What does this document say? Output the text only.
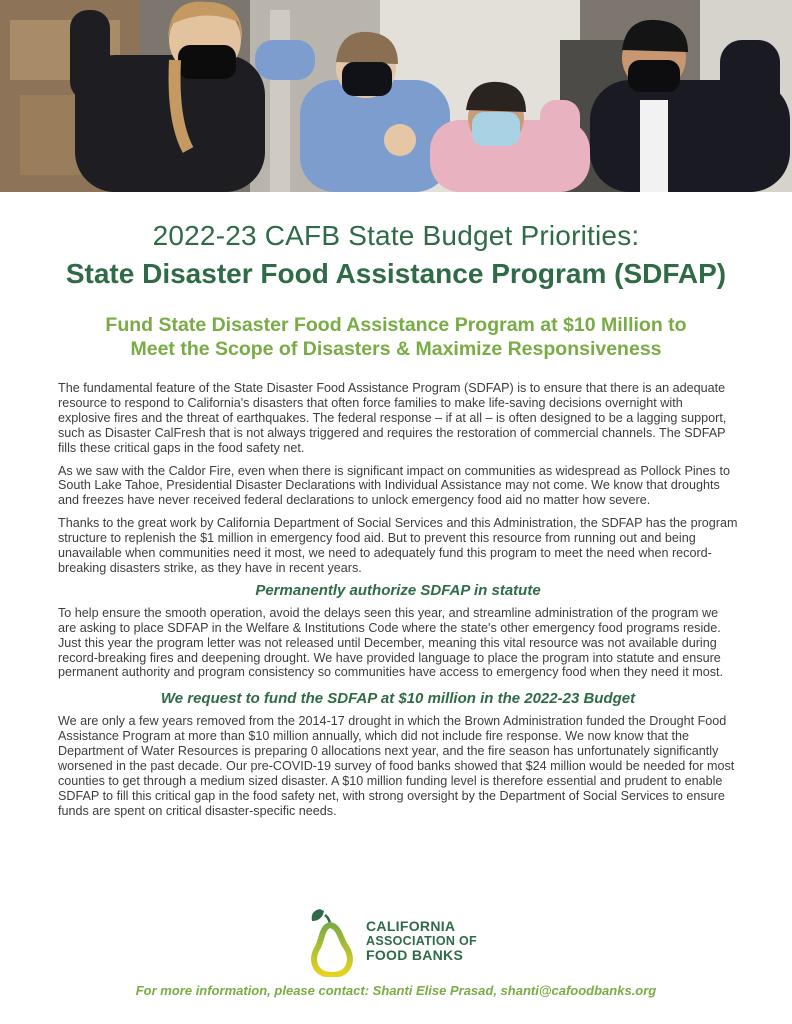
2022-23 CAFB State Budget Priorities:
State Disaster Food Assistance Program (SDFAP)
Fund State Disaster Food Assistance Program at $10 Million to
Meet the Scope of Disasters & Maximize Responsiveness

The fundamental feature of the State Disaster Food Assistance Program (SDFAP) is to ensure that there is an adequate resource to respond to California's disasters that often force families to make life-saving decisions overnight with explosive fires and the threat of earthquakes. The federal response – if at all – is often designed to be a lagging support, such as Disaster CalFresh that is not always triggered and requires the restoration of commercial channels. The SDFAP fills these critical gaps in the food safety net.

As we saw with the Caldor Fire, even when there is significant impact on communities as widespread as Pollock Pines to South Lake Tahoe, Presidential Disaster Declarations with Individual Assistance may not come. We know that droughts and freezes have never received federal declarations to unlock emergency food aid no matter how severe.

Thanks to the great work by California Department of Social Services and this Administration, the SDFAP has the program structure to replenish the $1 million in emergency food aid. But to prevent this resource from running out and being unavailable when communities need it most, we need to adequately fund this program to meet the need when record-breaking disasters strike, as they have in recent years.

Permanently authorize SDFAP in statute

To help ensure the smooth operation, avoid the delays seen this year, and streamline administration of the program we are asking to place SDFAP in the Welfare & Institutions Code where the state's other emergency food programs reside. Just this year the program letter was not released until December, meaning this vital resource was not available during record-breaking fires and deepening drought. We have provided language to place the program into statute and ensure permanent authority and program consistency so communities have access to emergency food when they need it most.

We request to fund the SDFAP at $10 million in the 2022-23 Budget

We are only a few years removed from the 2014-17 drought in which the Brown Administration funded the Drought Food Assistance Program at more than $10 million annually, which did not include fire response. We now know that the Department of Water Resources is preparing 0 allocations next year, and the fire season has unfortunately significantly worsened in the past decade. Our pre-COVID-19 survey of food banks showed that $24 million would be needed for most counties to get through a medium sized disaster. A $10 million funding level is therefore essential and prudent to enable SDFAP to fill this critical gap in the food safety net, with strong oversight by the Department of Social Services to ensure funds are spent on critical disaster-specific needs.

CALIFORNIA
ASSOCIATION OF
FOOD BANKS
For more information, please contact: Shanti Elise Prasad, shanti@cafoodbanks.org
